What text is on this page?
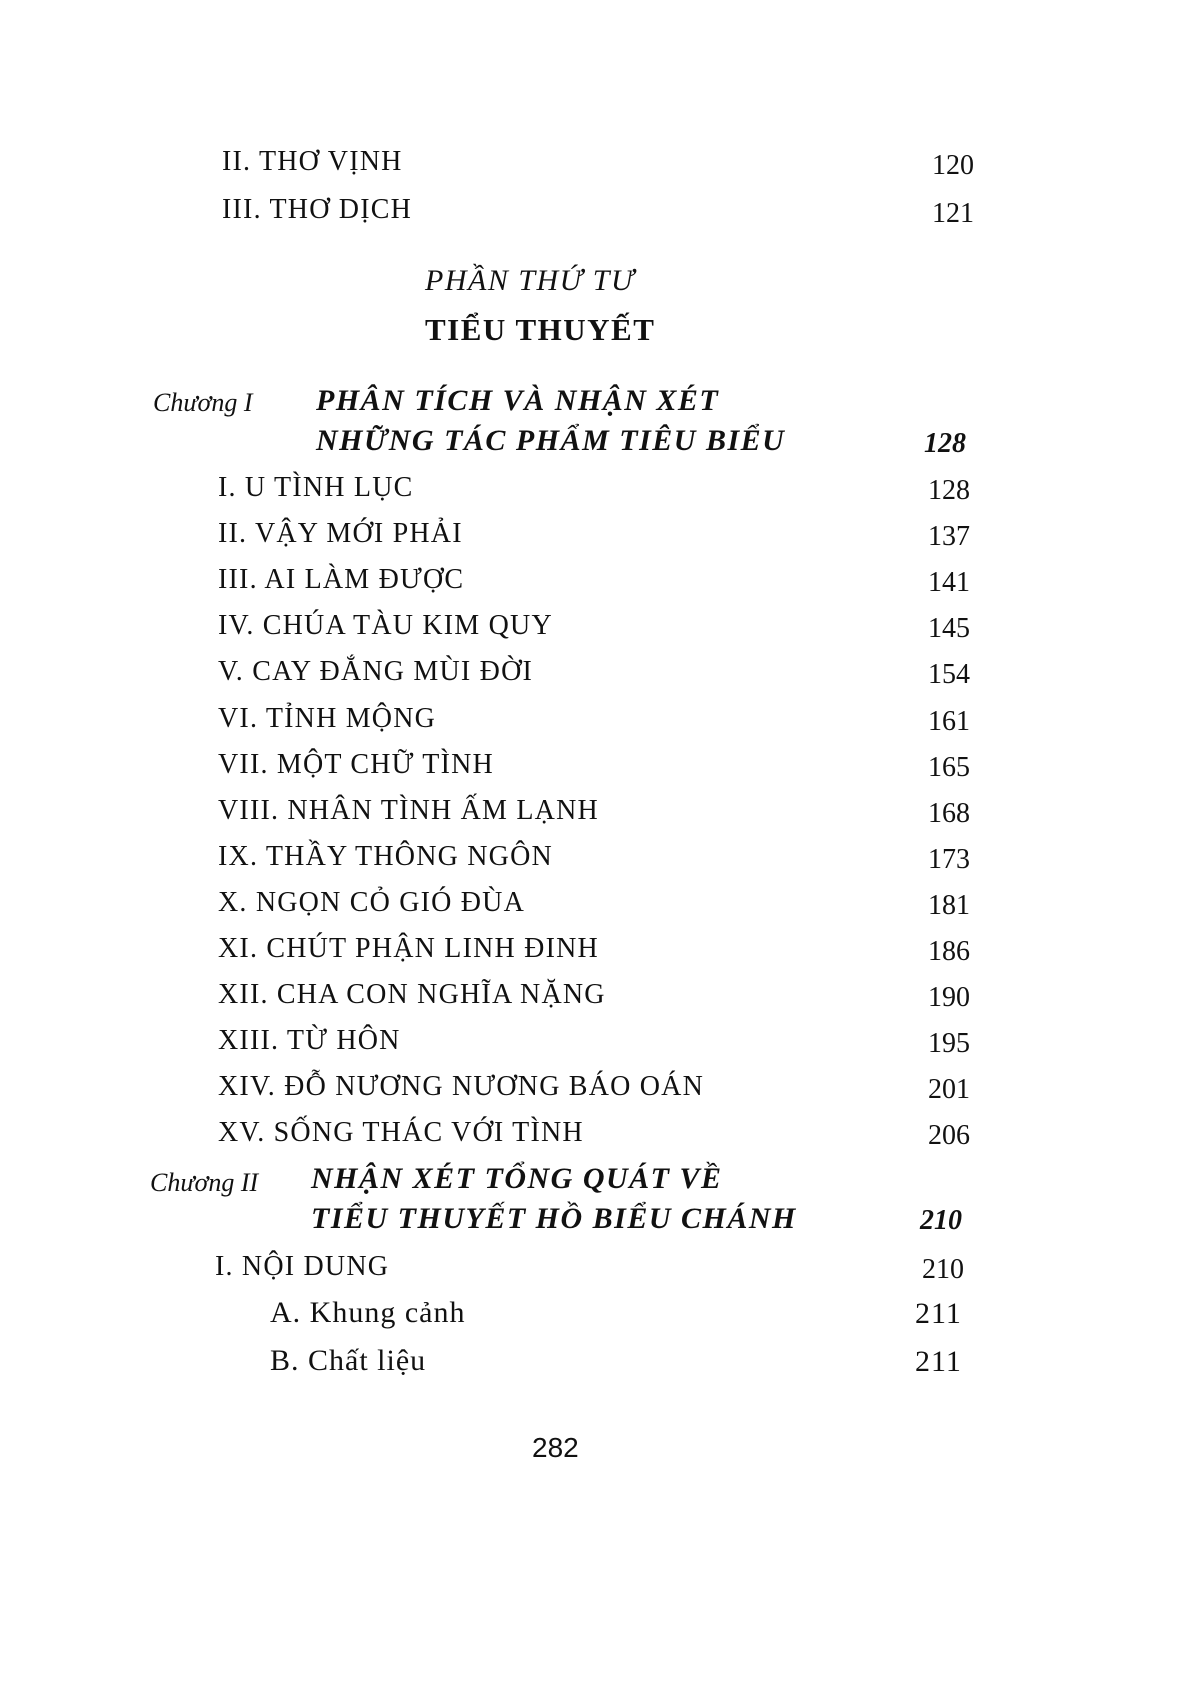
II. THƠ VỊNH	120
III. THƠ DỊCH	121
PHẦN THỨ TƯ
TIỂU THUYẾT
Chương I PHÂN TÍCH VÀ NHẬN XÉT
NHỮNG TÁC PHẨM TIÊU BIỂU	128
I. U TÌNH LỤC	128
II. VẬY MỚI PHẢI	137
III. AI LÀM ĐƯỢC	141
IV. CHÚA TÀU KIM QUY	145
V. CAY ĐẮNG MÙI ĐỜI	154
VI. TỈNH MỘNG	161
VII. MỘT CHỮ TÌNH	165
VIII. NHÂN TÌNH ẤM LẠNH	168
IX. THẦY THÔNG NGÔN	173
X. NGỌN CỎ GIÓ ĐÙA	181
XI. CHÚT PHẬN LINH ĐINH	186
XII. CHA CON NGHĨA NẶNG	190
XIII. TỪ HÔN	195
XIV. ĐỖ NƯƠNG NƯƠNG BÁO OÁN	201
XV. SỐNG THÁC VỚI TÌNH	206
Chương II NHẬN XÉT TỔNG QUÁT VỀ
TIỂU THUYẾT HỒ BIỂU CHÁNH	210
I. NỘI DUNG	210
A. Khung cảnh	211
B. Chất liệu	211
282
